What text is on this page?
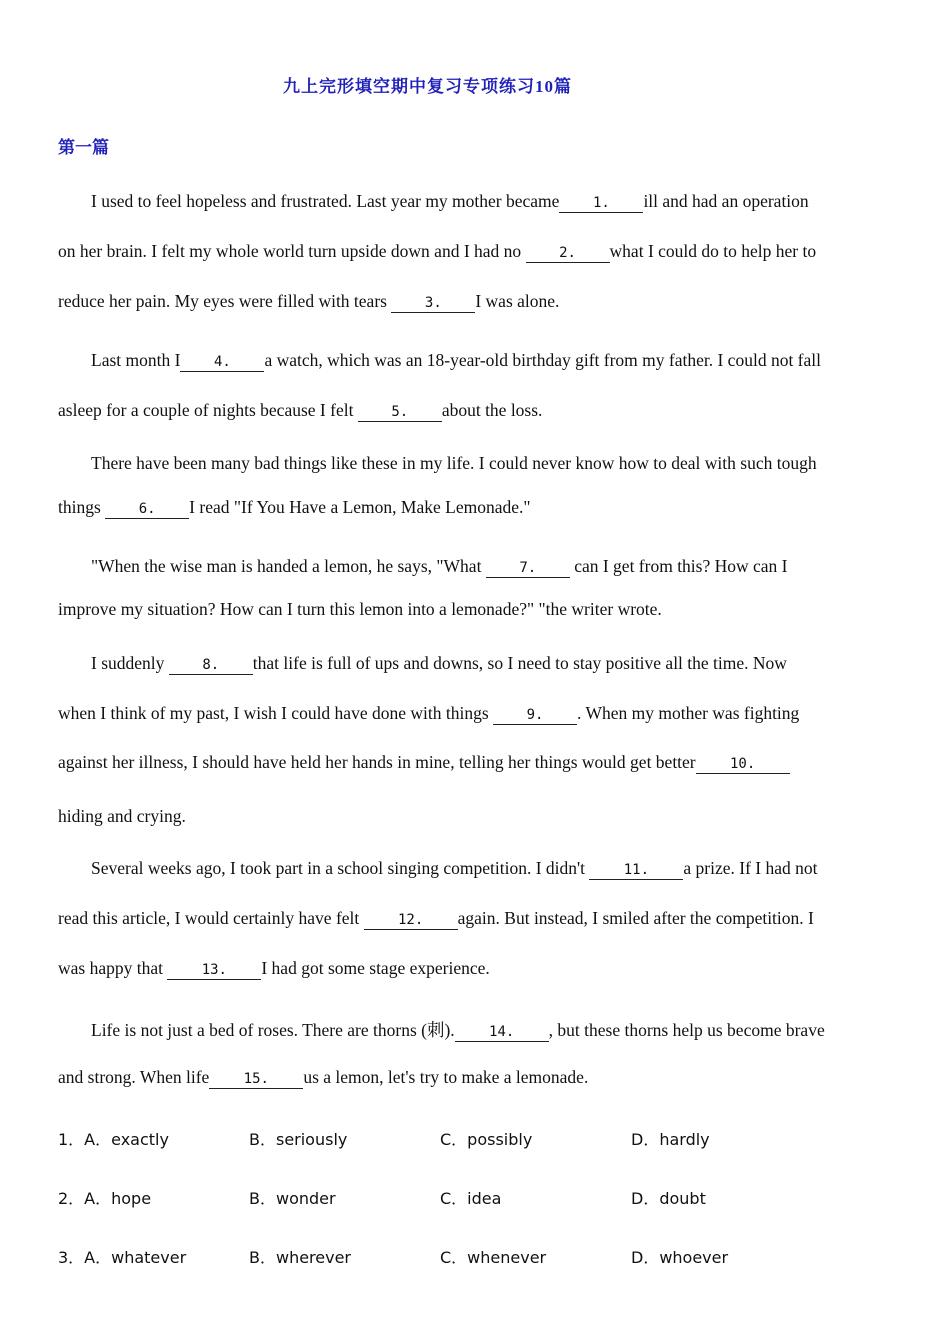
九上完形填空期中复习专项练习10篇
第一篇
I used to feel hopeless and frustrated. Last year my mother became 1. ill and had an operation
on her brain. I felt my whole world turn upside down and I had no 2. what I could do to help her to
reduce her pain. My eyes were filled with tears 3. I was alone.
Last month I 4. a watch, which was an 18-year-old birthday gift from my father. I could not fall
asleep for a couple of nights because I felt 5. about the loss.
There have been many bad things like these in my life. I could never know how to deal with such tough
things 6. I read "If You Have a Lemon, Make Lemonade."
"When the wise man is handed a lemon, he says, "What 7. can I get from this? How can I
improve my situation? How can I turn this lemon into a lemonade?" "the writer wrote.
I suddenly 8. that life is full of ups and downs, so I need to stay positive all the time. Now
when I think of my past, I wish I could have done with things 9. . When my mother was fighting
against her illness, I should have held her hands in mine, telling her things would get better 10.
hiding and crying.
Several weeks ago, I took part in a school singing competition. I didn't 11. a prize. If I had not
read this article, I would certainly have felt 12. again. But instead, I smiled after the competition. I
was happy that 13. I had got some stage experience.
Life is not just a bed of roses. There are thorns (刺). 14. , but these thorns help us become brave
and strong. When life 15. us a lemon, let's try to make a lemonade.
1．A．exactly	B．seriously	C．possibly	D．hardly
2．A．hope	B．wonder	C．idea	D．doubt
3．A．whatever	B．wherever	C．whenever	D．whoever
